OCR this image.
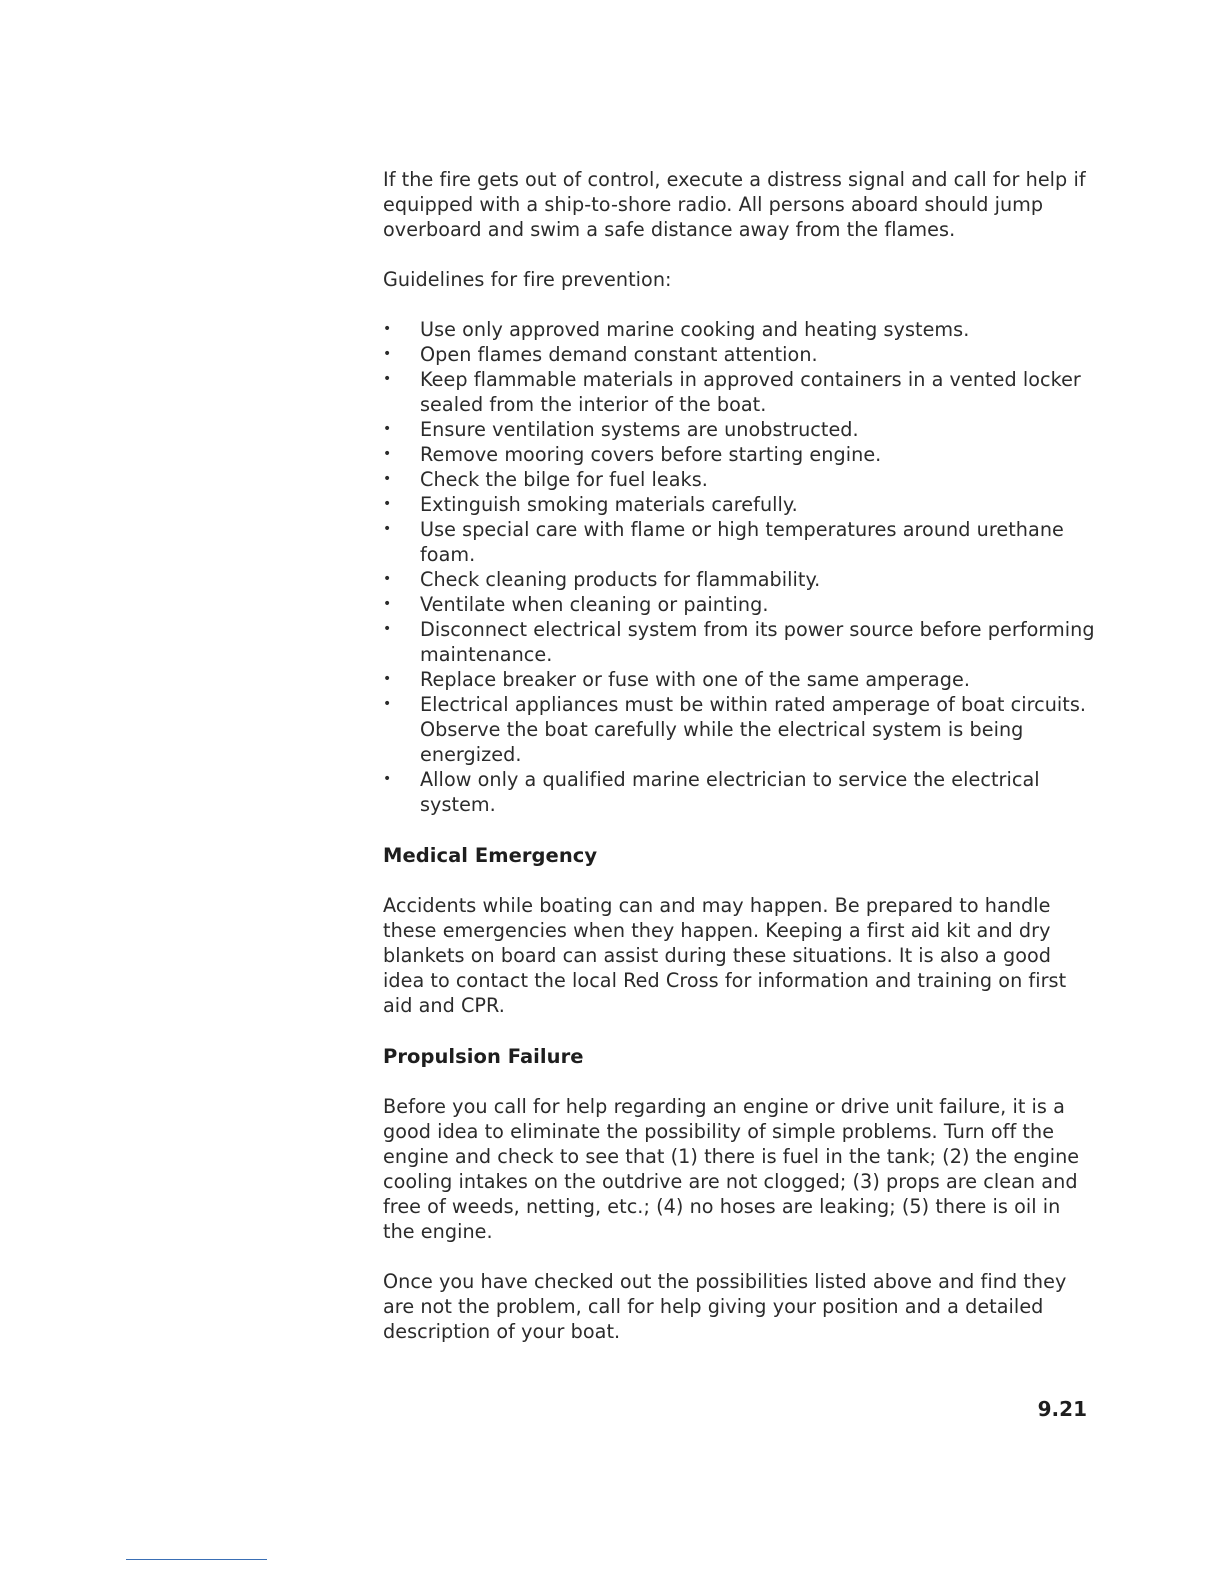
If the fire gets out of control, execute a distress signal and call for help if equipped with a ship-to-shore radio. All persons aboard should jump overboard and swim a safe distance away from the flames.

Guidelines for fire prevention:

• Use only approved marine cooking and heating systems.
• Open flames demand constant attention.
• Keep flammable materials in approved containers in a vented locker sealed from the interior of the boat.
• Ensure ventilation systems are unobstructed.
• Remove mooring covers before starting engine.
• Check the bilge for fuel leaks.
• Extinguish smoking materials carefully.
• Use special care with flame or high temperatures around urethane foam.
• Check cleaning products for flammability.
• Ventilate when cleaning or painting.
• Disconnect electrical system from its power source before performing maintenance.
• Replace breaker or fuse with one of the same amperage.
• Electrical appliances must be within rated amperage of boat circuits. Observe the boat carefully while the electrical system is being energized.
• Allow only a qualified marine electrician to service the electrical system.
Medical Emergency

Accidents while boating can and may happen. Be prepared to handle these emergencies when they happen. Keeping a first aid kit and dry blankets on board can assist during these situations. It is also a good idea to contact the local Red Cross for information and training on first aid and CPR.

Propulsion Failure

Before you call for help regarding an engine or drive unit failure, it is a good idea to eliminate the possibility of simple problems. Turn off the engine and check to see that (1) there is fuel in the tank; (2) the engine cooling intakes on the outdrive are not clogged; (3) props are clean and free of weeds, netting, etc.; (4) no hoses are leaking; (5) there is oil in the engine.

Once you have checked out the possibilities listed above and find they are not the problem, call for help giving your position and a detailed description of your boat.

9.21
